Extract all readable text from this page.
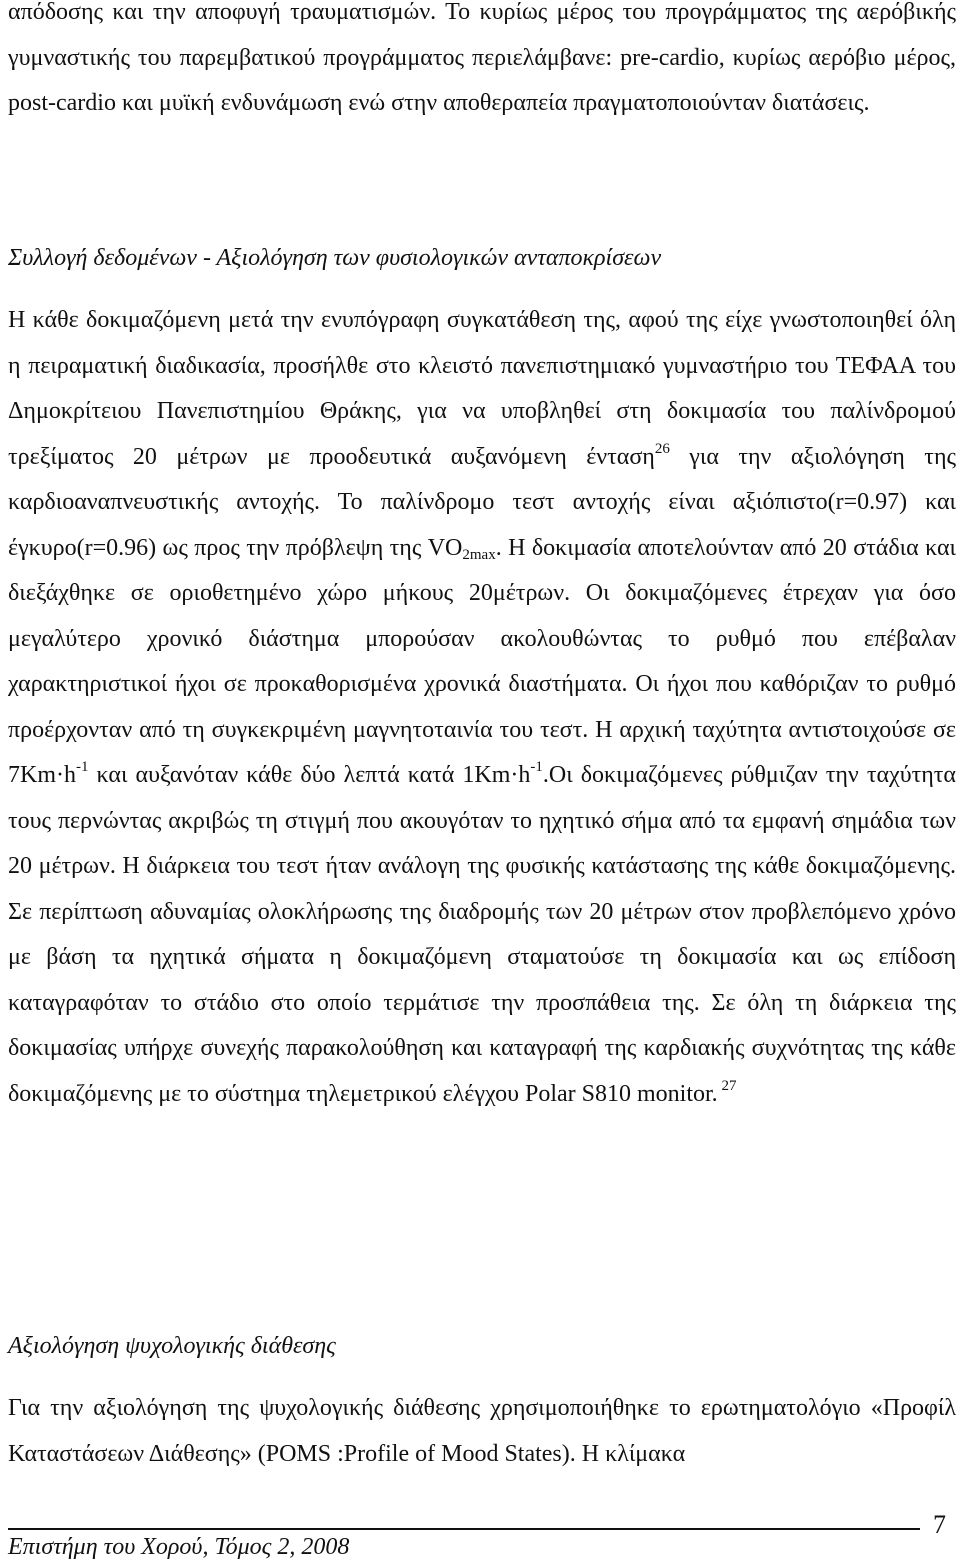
απόδοσης και την αποφυγή τραυματισμών. Το κυρίως μέρος του προγράμματος της αερόβικής γυμναστικής του παρεμβατικού προγράμματος περιελάμβανε: pre-cardio, κυρίως αερόβιο μέρος, post-cardio και μυϊκή ενδυνάμωση ενώ στην αποθεραπεία πραγματοποιούνταν διατάσεις.

Συλλογή δεδομένων - Αξιολόγηση των φυσιολογικών ανταποκρίσεων

Η κάθε δοκιμαζόμενη μετά την ενυπόγραφη συγκατάθεση της, αφού της είχε γνωστοποιηθεί όλη η πειραματική διαδικασία, προσήλθε στο κλειστό πανεπιστημιακό γυμναστήριο του ΤΕΦΑΑ του Δημοκρίτειου Πανεπιστημίου Θράκης, για να υποβληθεί στη δοκιμασία του παλίνδρομού τρεξίματος 20 μέτρων με προοδευτικά αυξανόμενη ένταση$^{26}$ για την αξιολόγηση της καρδιοαναπνευστικής αντοχής. Το παλίνδρομο τεστ αντοχής είναι αξιόπιστο(r=0.97) και έγκυρο(r=0.96) ως προς την πρόβλεψη της $VO_{2max}$. Η δοκιμασία αποτελούνταν από 20 στάδια και διεξάχθηκε σε οριοθετημένο χώρο μήκους 20μέτρων. Οι δοκιμαζόμενες έτρεχαν για όσο μεγαλύτερο χρονικό διάστημα μπορούσαν ακολουθώντας το ρυθμό που επέβαλαν χαρακτηριστικοί ήχοι σε προκαθορισμένα χρονικά διαστήματα. Οι ήχοι που καθόριζαν το ρυθμό προέρχονταν από τη συγκεκριμένη μαγνητοταινία του τεστ. Η αρχική ταχύτητα αντιστοιχούσε σε $7Km\cdot h^{-1}$ και αυξανόταν κάθε δύο λεπτά κατά $1Km\cdot h^{-1}.O\iota$ δοκιμαζόμενες ρύθμιζαν την ταχύτητα τους περνώντας ακριβώς τη στιγμή που ακουγόταν το ηχητικό σήμα από τα εμφανή σημάδια των 20 μέτρων. Η διάρκεια του τεστ ήταν ανάλογη της φυσικής κατάστασης της κάθε δοκιμαζόμενης. Σε περίπτωση αδυναμίας ολοκλήρωσης της διαδρομής των 20 μέτρων στον προβλεπόμενο χρόνο με βάση τα ηχητικά σήματα η δοκιμαζόμενη σταματούσε τη δοκιμασία και ως επίδοση καταγραφόταν το στάδιο στο οποίο τερμάτισε την προσπάθεια της. Σε όλη τη διάρκεια της δοκιμασίας υπήρχε συνεχής παρακολούθηση και καταγραφή της καρδιακής συχνότητας της κάθε δοκιμαζόμενης με το σύστημα τηλεμετρικού ελέγχου Polar S810 monitor. $^{27}$

Αξιολόγηση ψυχολογικής διάθεσης

Για την αξιολόγηση της ψυχολογικής διάθεσης χρησιμοποιήθηκε το ερωτηματολόγιο «Προφίλ Καταστάσεων Διάθεσης» (POMS :Profile of Mood States). Η κλίμακα

Επιστήμη του Χορού, Τόμος 2, 2008
7
